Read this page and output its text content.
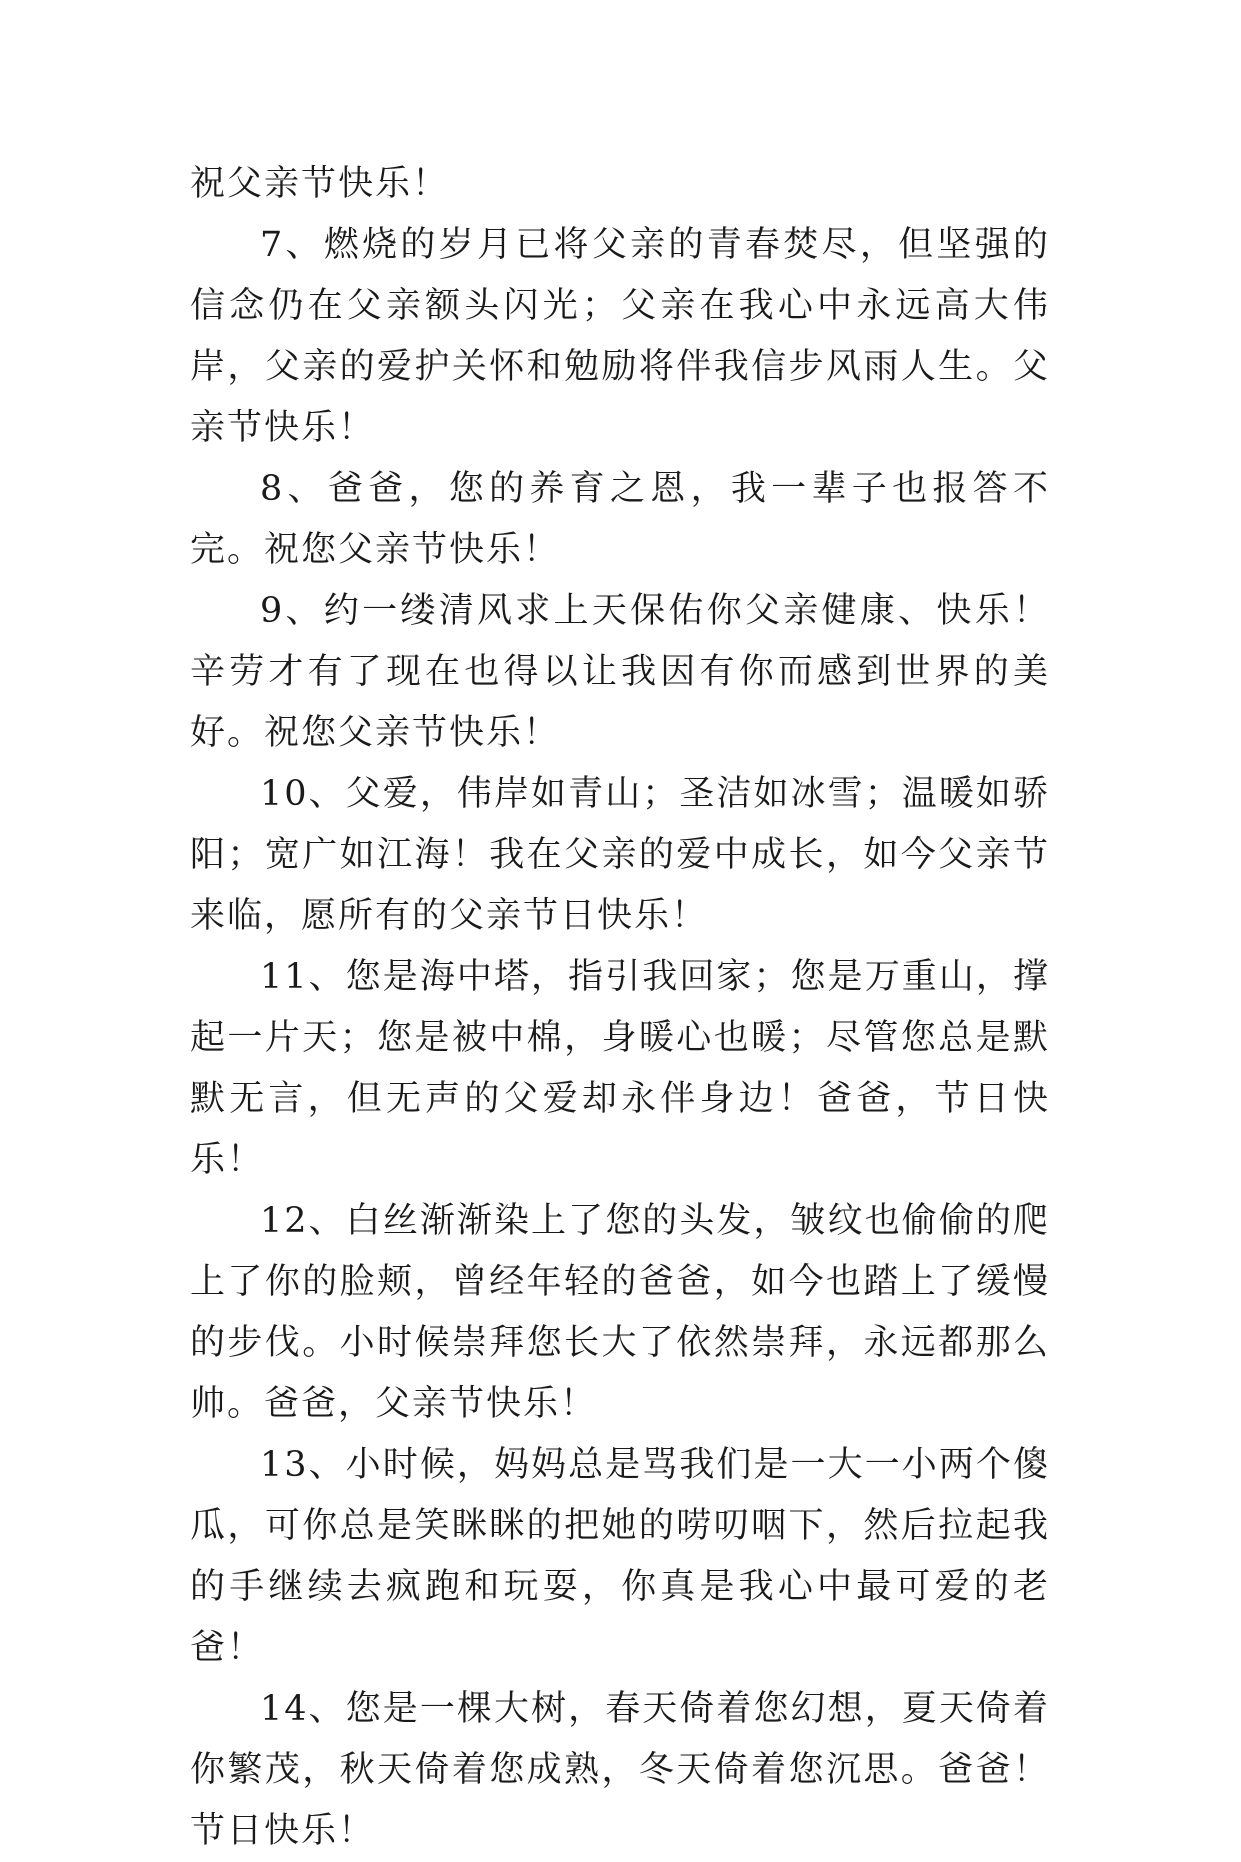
祝父亲节快乐！

7、燃烧的岁月已将父亲的青春焚尽，但坚强的信念仍在父亲额头闪光；父亲在我心中永远高大伟岸，父亲的爱护关怀和勉励将伴我信步风雨人生。父亲节快乐！

8、爸爸，您的养育之恩，我一辈子也报答不完。祝您父亲节快乐！

9、约一缕清风求上天保佑你父亲健康、快乐！辛劳才有了现在也得以让我因有你而感到世界的美好。祝您父亲节快乐！

10、父爱，伟岸如青山；圣洁如冰雪；温暖如骄阳；宽广如江海！我在父亲的爱中成长，如今父亲节来临，愿所有的父亲节日快乐！

11、您是海中塔，指引我回家；您是万重山，撑起一片天；您是被中棉，身暖心也暖；尽管您总是默默无言，但无声的父爱却永伴身边！爸爸，节日快乐！

12、白丝渐渐染上了您的头发，皱纹也偷偷的爬上了你的脸颊，曾经年轻的爸爸，如今也踏上了缓慢的步伐。小时候崇拜您长大了依然崇拜，永远都那么帅。爸爸，父亲节快乐！

13、小时候，妈妈总是骂我们是一大一小两个傻瓜，可你总是笑眯眯的把她的唠叨咽下，然后拉起我的手继续去疯跑和玩耍，你真是我心中最可爱的老爸！

14、您是一棵大树，春天倚着您幻想，夏天倚着你繁茂，秋天倚着您成熟，冬天倚着您沉思。爸爸！节日快乐！
